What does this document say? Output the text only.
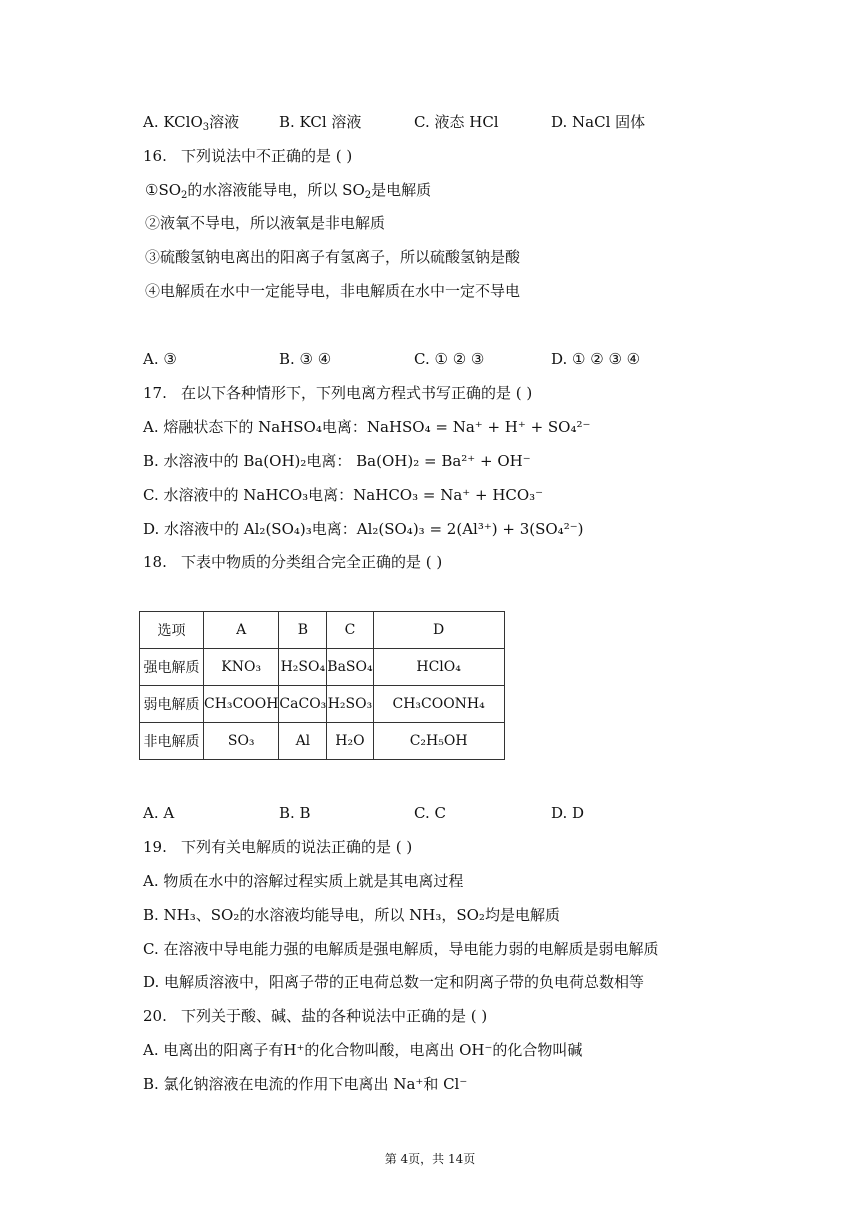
A. KClO$_3$溶液	B. KCl 溶液	C. 液态 HCl	D. NaCl 固体
16. 下列说法中不正确的是 ( )
$①SO_2$的水溶液能导电，所以 $SO_2$是电解质
②液氧不导电，所以液氧是非电解质
③硫酸氢钠电离出的阳离子有氢离子，所以硫酸氢钠是酸
④电解质在水中一定能导电，非电解质在水中一定不导电
A. ③	B. ③ ④	C. ① ② ③	D. ① ② ③ ④
17. 在以下各种情形下，下列电离方程式书写正确的是 ( )
A. 熔融状态下的 NaHSO₄电离：NaHSO₄ = Na⁺ + H⁺ + SO₄²⁻
B. 水溶液中的 Ba(OH)₂电离： Ba(OH)₂ = Ba²⁺ + OH⁻
C. 水溶液中的 NaHCO₃电离：NaHCO₃ = Na⁺ + HCO₃⁻
D. 水溶液中的 Al₂(SO₄)₃电离：Al₂(SO₄)₃ = 2(Al³⁺) + 3(SO₄²⁻)
18. 下表中物质的分类组合完全正确的是 ( )
选项	A	B	C	D
强电解质	KNO₃	H₂SO₄	BaSO₄	HClO₄
弱电解质	CH₃COOH	CaCO₃	H₂SO₃	CH₃COONH₄
非电解质	SO₃	Al	H₂O	C₂H₅OH
A. A	B. B	C. C	D. D
19. 下列有关电解质的说法正确的是 ( )
A. 物质在水中的溶解过程实质上就是其电离过程
B. NH₃、SO₂的水溶液均能导电，所以 NH₃，SO₂均是电解质
C. 在溶液中导电能力强的电解质是强电解质，导电能力弱的电解质是弱电解质
D. 电解质溶液中，阳离子带的正电荷总数一定和阴离子带的负电荷总数相等
20. 下列关于酸、碱、盐的各种说法中正确的是 ( )
A. 电离出的阳离子有H⁺的化合物叫酸，电离出 OH⁻的化合物叫碱
B. 氯化钠溶液在电流的作用下电离出 Na⁺和 Cl⁻
第 4页，共 14页
